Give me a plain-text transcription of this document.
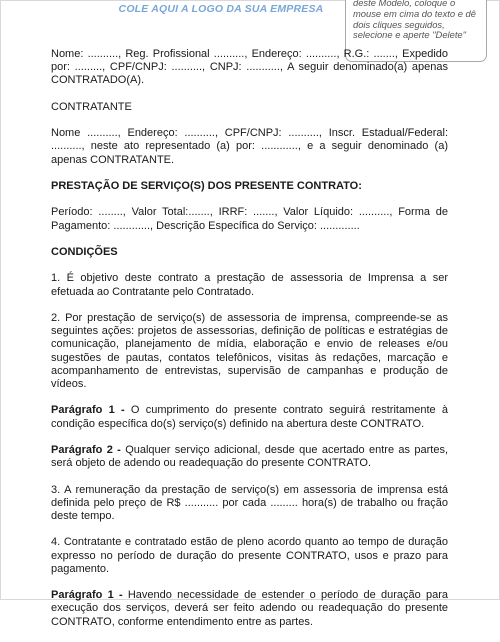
COLE AQUI A LOGO DA SUA EMPRESA
deste Modelo, coloque o mouse em cima do texto e dê dois cliques seguidos, selecione e aperte "Delete"

Nome: .........., Reg. Profissional .........., Endereço: .........., R.G.: ......., Expedido por: ........., CPF/CNPJ: .........., CNPJ: ..........., A seguir denominado(a) apenas CONTRATADO(A).

CONTRATANTE

Nome .........., Endereço: .........., CPF/CNPJ: .........., Inscr. Estadual/Federal: .........., neste ato representado (a) por: ............, e a seguir denominado (a) apenas CONTRATANTE.

PRESTAÇÃO DE SERVIÇO(S) DOS PRESENTE CONTRATO:

Período: ........, Valor Total:......., IRRF: ......., Valor Líquido: .........., Forma de Pagamento: ............, Descrição Específica do Serviço: .............

CONDIÇÕES

1. É objetivo deste contrato a prestação de assessoria de Imprensa a ser efetuada ao Contratante pelo Contratado.

2. Por prestação de serviço(s) de assessoria de imprensa, compreende-se as seguintes ações: projetos de assessorias, definição de políticas e estratégias de comunicação, planejamento de mídia, elaboração e envio de releases e/ou sugestões de pautas, contatos telefônicos, visitas às redações, marcação e acompanhamento de entrevistas, supervisão de campanhas e produção de vídeos.

Parágrafo 1 - O cumprimento do presente contrato seguirá restritamente à condição específica do(s) serviço(s) definido na abertura deste CONTRATO.

Parágrafo 2 - Qualquer serviço adicional, desde que acertado entre as partes, será objeto de adendo ou readequação do presente CONTRATO.

3. A remuneração da prestação de serviço(s) em assessoria de imprensa está definida pelo preço de R$ ........... por cada ......... hora(s) de trabalho ou fração deste tempo.

4. Contratante e contratado estão de pleno acordo quanto ao tempo de duração expresso no período de duração do presente CONTRATO, usos e prazo para pagamento.

Parágrafo 1 - Havendo necessidade de estender o período de duração para execução dos serviços, deverá ser feito adendo ou readequação do presente CONTRATO, conforme entendimento entre as partes.
